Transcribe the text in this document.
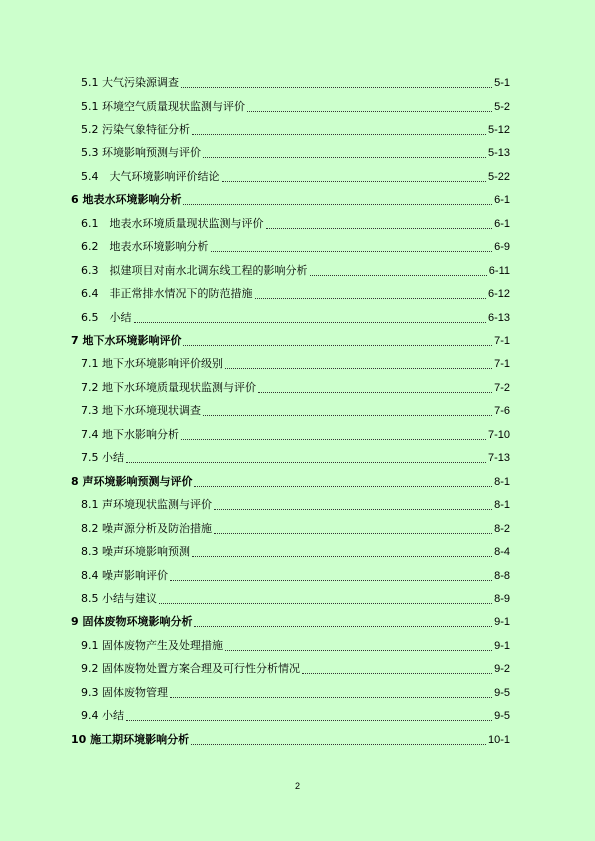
5.1 大气污染源调查	5-1
5.1 环境空气质量现状监测与评价	5-2
5.2 污染气象特征分析	5-12
5.3 环境影响预测与评价	5-13
5.4　大气环境影响评价结论	5-22
6 地表水环境影响分析	6-1
6.1　地表水环境质量现状监测与评价	6-1
6.2　地表水环境影响分析	6-9
6.3　拟建项目对南水北调东线工程的影响分析	6-11
6.4　非正常排水情况下的防范措施	6-12
6.5　小结	6-13
7 地下水环境影响评价	7-1
7.1 地下水环境影响评价级别	7-1
7.2 地下水环境质量现状监测与评价	7-2
7.3 地下水环境现状调查	7-6
7.4 地下水影响分析	7-10
7.5 小结	7-13
8 声环境影响预测与评价	8-1
8.1 声环境现状监测与评价	8-1
8.2 噪声源分析及防治措施	8-2
8.3 噪声环境影响预测	8-4
8.4 噪声影响评价	8-8
8.5 小结与建议	8-9
9 固体废物环境影响分析	9-1
9.1 固体废物产生及处理措施	9-1
9.2 固体废物处置方案合理及可行性分析情况	9-2
9.3 固体废物管理	9-5
9.4 小结	9-5
10 施工期环境影响分析	10-1
2
